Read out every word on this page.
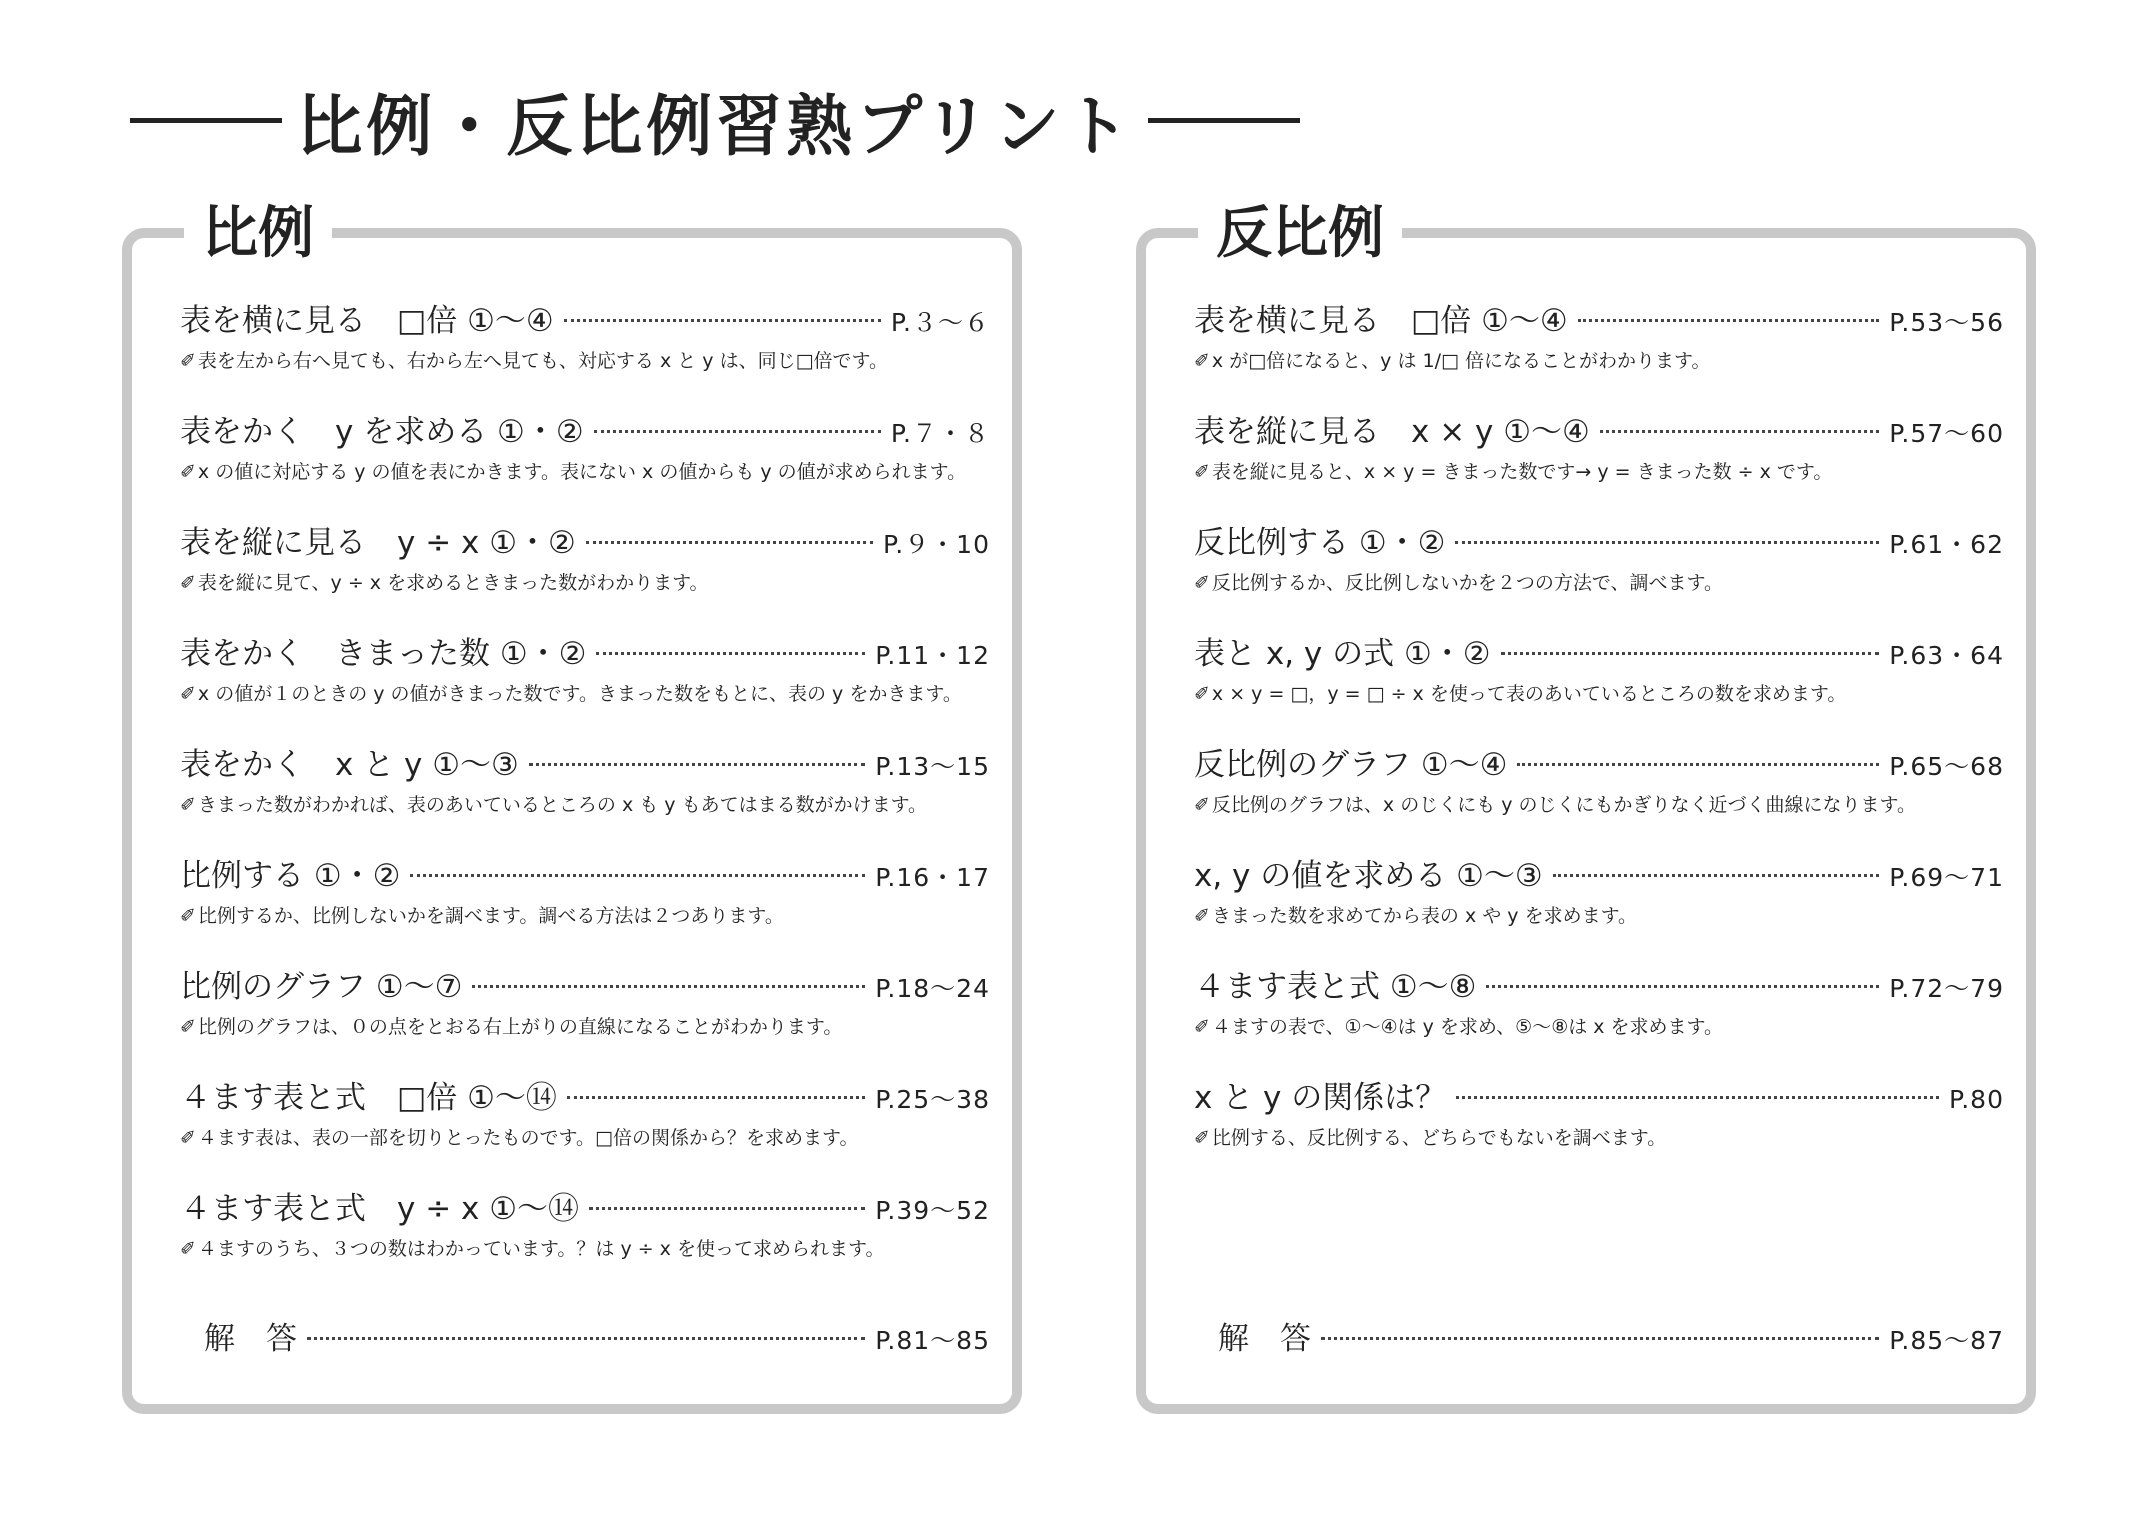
比例・反比例習熟プリント
比例
表を横に見る　□倍 ①〜④	P.３〜６
✐ 表を左から右へ見ても、右から左へ見ても、対応する x と y は、同じ□倍です。
表をかく　y を求める ①・②	P.７・８
✐ x の値に対応する y の値を表にかきます。表にない x の値からも y の値が求められます。
表を縦に見る　y ÷ x ①・②	P.９・10
✐ 表を縦に見て、y ÷ x を求めるときまった数がわかります。
表をかく　きまった数 ①・②	P.11・12
✐ x の値が１のときの y の値がきまった数です。きまった数をもとに、表の y をかきます。
表をかく　x と y ①〜③	P.13〜15
✐ きまった数がわかれば、表のあいているところの x も y もあてはまる数がかけます。
比例する ①・②	P.16・17
✐ 比例するか、比例しないかを調べます。調べる方法は２つあります。
比例のグラフ ①〜⑦	P.18〜24
✐ 比例のグラフは、０の点をとおる右上がりの直線になることがわかります。
４ます表と式　□倍 ①〜⑭	P.25〜38
✐ ４ます表は、表の一部を切りとったものです。□倍の関係から？を求めます。
４ます表と式　y ÷ x ①〜⑭	P.39〜52
✐ ４ますのうち、３つの数はわかっています。？は y ÷ x を使って求められます。
解　答	P.81〜85
反比例
表を横に見る　□倍 ①〜④	P.53〜56
✐ x が□倍になると、y は 1/□ 倍になることがわかります。
表を縦に見る　x × y ①〜④	P.57〜60
✐ 表を縦に見ると、x × y = きまった数です→ y = きまった数 ÷ x です。
反比例する ①・②	P.61・62
✐ 反比例するか、反比例しないかを２つの方法で、調べます。
表と x, y の式 ①・②	P.63・64
✐ x × y = □，y = □ ÷ x を使って表のあいているところの数を求めます。
反比例のグラフ ①〜④	P.65〜68
✐ 反比例のグラフは、x のじくにも y のじくにもかぎりなく近づく曲線になります。
x, y の値を求める ①〜③	P.69〜71
✐ きまった数を求めてから表の x や y を求めます。
４ます表と式 ①〜⑧	P.72〜79
✐ ４ますの表で、①〜④は y を求め、⑤〜⑧は x を求めます。
x と y の関係は？	P.80
✐ 比例する、反比例する、どちらでもないを調べます。
解　答	P.85〜87
